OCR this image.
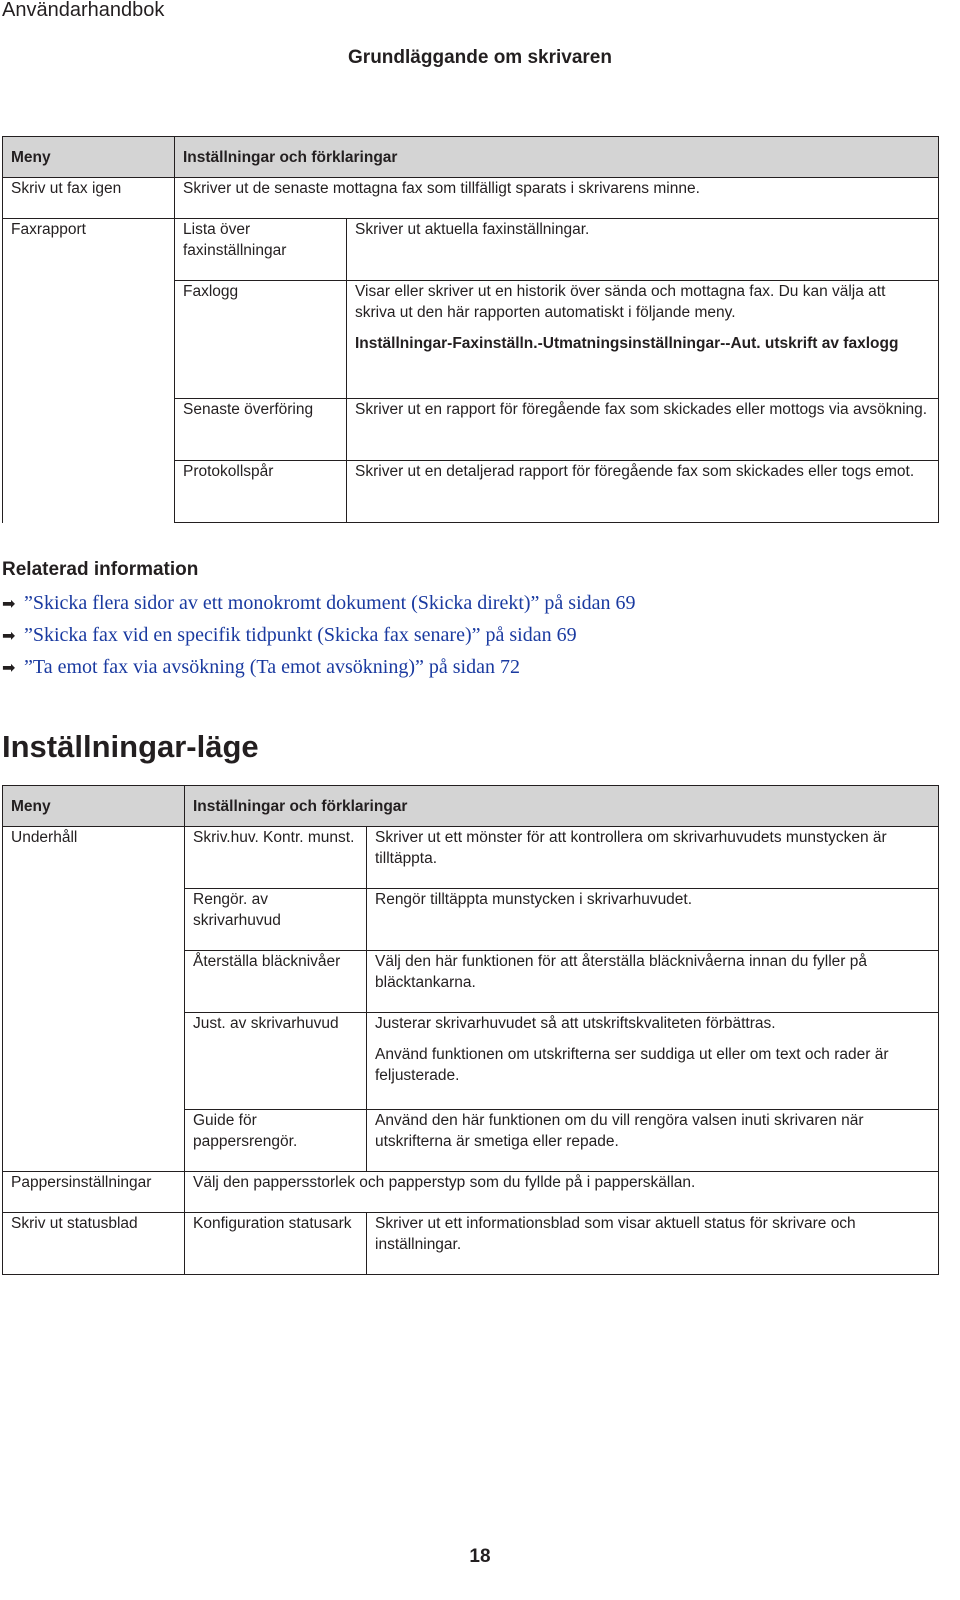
Användarhandbok
Grundläggande om skrivaren
Meny	Inställningar och förklaringar	
Skriv ut fax igen	Skriver ut de senaste mottagna fax som tillfälligt sparats i skrivarens minne.	
Faxrapport	Lista över faxinställningar	Skriver ut aktuella faxinställningar.
	Faxlogg	Visar eller skriver ut en historik över sända och mottagna fax. Du kan välja att skriva ut den här rapporten automatiskt i följande meny.

Inställningar-Faxinställn.-Utmatningsinställningar--Aut. utskrift av faxlogg

	Senaste överföring	Skriver ut en rapport för föregående fax som skickades eller mottogs via avsökning.
	Protokollspår	Skriver ut en detaljerad rapport för föregående fax som skickades eller togs emot.
Relaterad information
➡ ”Skicka flera sidor av ett monokromt dokument (Skicka direkt)” på sidan 69
➡ ”Skicka fax vid en specifik tidpunkt (Skicka fax senare)” på sidan 69
➡ ”Ta emot fax via avsökning (Ta emot avsökning)” på sidan 72
Inställningar-läge
Meny	Inställningar och förklaringar	
Underhåll	Skriv.huv. Kontr. munst.	Skriver ut ett mönster för att kontrollera om skrivarhuvudets munstycken är tilltäppta.
	Rengör. av skrivarhuvud	Rengör tilltäppta munstycken i skrivarhuvudet.
	Återställa bläcknivåer	Välj den här funktionen för att återställa bläcknivåerna innan du fyller på bläcktankarna.
	Just. av skrivarhuvud	Justerar skrivarhuvudet så att utskriftskvaliteten förbättras.

Använd funktionen om utskrifterna ser suddiga ut eller om text och rader är feljusterade.

	Guide för pappersrengör.	Använd den här funktionen om du vill rengöra valsen inuti skrivaren när utskrifterna är smetiga eller repade.
Pappersinställningar	Välj den pappersstorlek och papperstyp som du fyllde på i papperskällan.	
Skriv ut statusblad	Konfiguration statusark	Skriver ut ett informationsblad som visar aktuell status för skrivare och inställningar.
18
